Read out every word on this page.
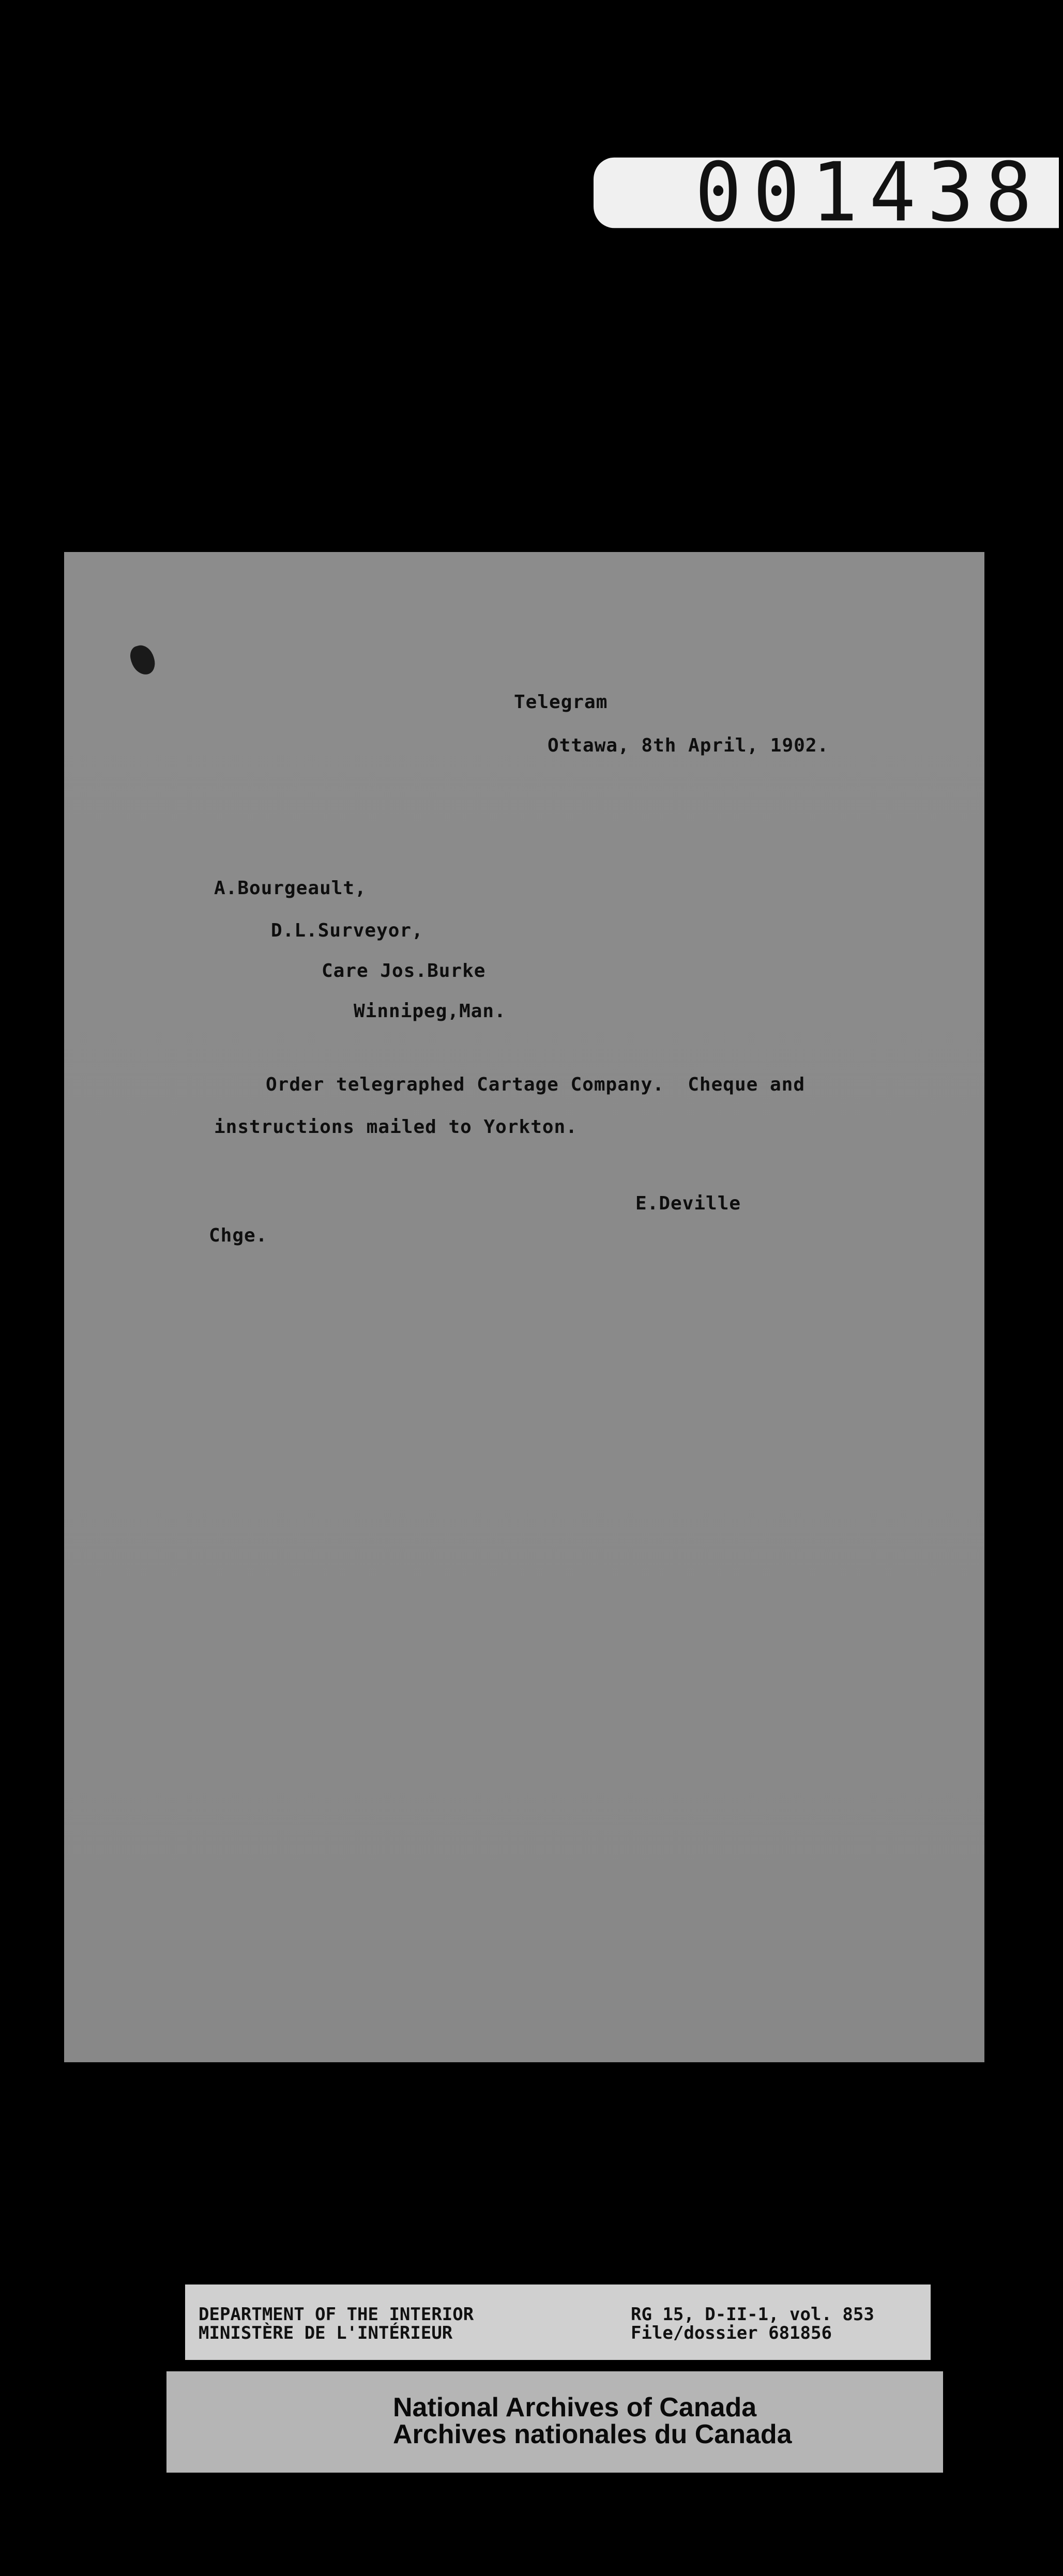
001438
Telegram
Ottawa, 8th April, 1902.
A.Bourgeault,
D.L.Surveyor,
Care Jos.Burke
Winnipeg,Man.
Order telegraphed Cartage Company.  Cheque and
instructions mailed to Yorkton.
E.Deville
Chge.
DEPARTMENT OF THE INTERIOR
MINISTÈRE DE L'INTÉRIEUR
RG 15, D-II-1, vol. 853
File/dossier 681856
National Archives of Canada
Archives nationales du Canada
